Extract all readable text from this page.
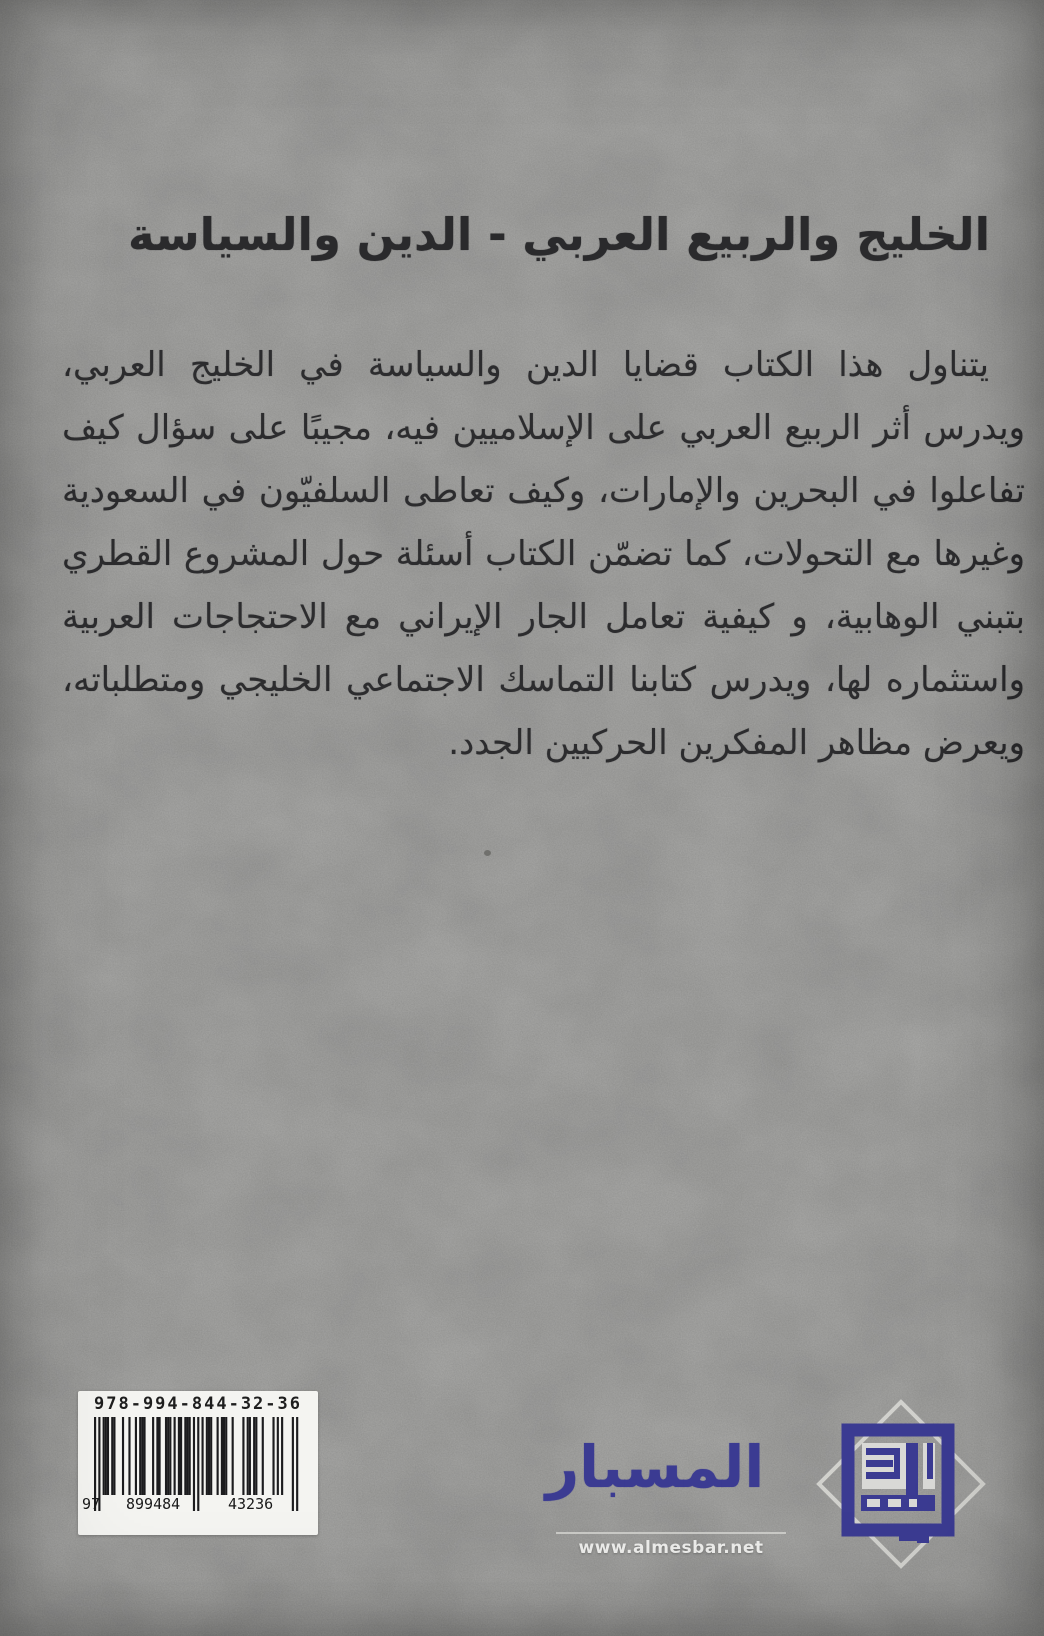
الخليج والربيع العربي - الدين والسياسة
يتناول هذا الكتاب قضايا الدين والسياسة في الخليج العربي،
ويدرس أثر الربيع العربي على الإسلاميين فيه، مجيبًا على سؤال كيف
تفاعلوا في البحرين والإمارات، وكيف تعاطى السلفيّون في السعودية
وغيرها مع التحولات، كما تضمّن الكتاب أسئلة حول المشروع القطري
بتبني الوهابية، و كيفية تعامل الجار الإيراني مع الاحتجاجات العربية
واستثماره لها، ويدرس كتابنا التماسك الاجتماعي الخليجي ومتطلباته،
ويعرض مظاهر المفكرين الحركيين الجدد.
978-994-844-32-36
97 899484	43236
المسبار
www.almesbar.net
